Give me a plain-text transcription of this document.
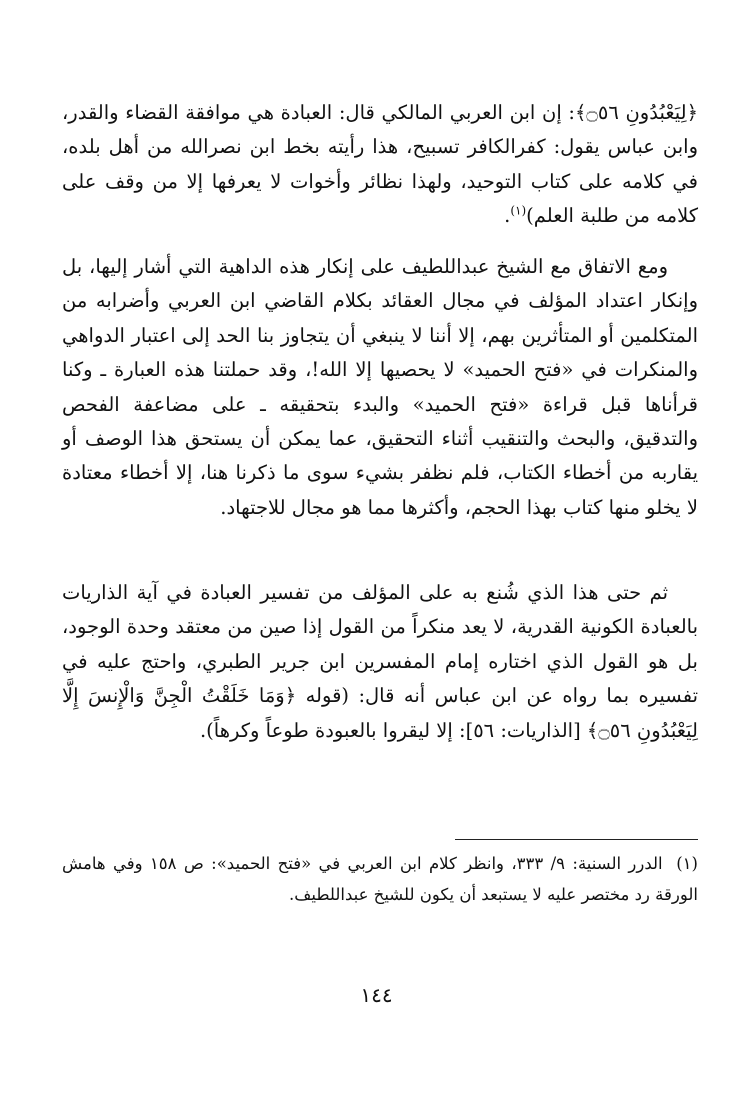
﴿لِيَعْبُدُونِ ۝٥٦﴾: إن ابن العربي المالكي قال: العبادة هي موافقة القضاء والقدر، وابن عباس يقول: كفرالكافر تسبيح، هذا رأيته بخط ابن نصرالله من أهل بلده، في كلامه على كتاب التوحيد، ولهذا نظائر وأخوات لا يعرفها إلا من وقف على كلامه من طلبة العلم)$^{(١)}$.

ومع الاتفاق مع الشيخ عبداللطيف على إنكار هذه الداهية التي أشار إليها، بل وإنكار اعتداد المؤلف في مجال العقائد بكلام القاضي ابن العربي وأضرابه من المتكلمين أو المتأثرين بهم، إلا أننا لا ينبغي أن يتجاوز بنا الحد إلى اعتبار الدواهي والمنكرات في «فتح الحميد» لا يحصيها إلا الله!، وقد حملتنا هذه العبارة ـ وكنا قرأناها قبل قراءة «فتح الحميد» والبدء بتحقيقه ـ على مضاعفة الفحص والتدقيق، والبحث والتنقيب أثناء التحقيق، عما يمكن أن يستحق هذا الوصف أو يقاربه من أخطاء الكتاب، فلم نظفر بشيء سوى ما ذكرنا هنا، إلا أخطاء معتادة لا يخلو منها كتاب بهذا الحجم، وأكثرها مما هو مجال للاجتهاد.

ثم حتى هذا الذي شُنع به على المؤلف من تفسير العبادة في آية الذاريات بالعبادة الكونية القدرية، لا يعد منكراً من القول إذا صين من معتقد وحدة الوجود، بل هو القول الذي اختاره إمام المفسرين ابن جرير الطبري، واحتج عليه في تفسيره بما رواه عن ابن عباس أنه قال: (قوله ﴿وَمَا خَلَقْتُ الْجِنَّ وَالْإِنسَ إِلَّا لِيَعْبُدُونِ ۝٥٦﴾ [الذاريات: ٥٦]: إلا ليقروا بالعبودة طوعاً وكرهاً).

(١) الدرر السنية: ٩/ ٣٣٣، وانظر كلام ابن العربي في «فتح الحميد»: ص ١٥٨ وفي هامش الورقة رد مختصر عليه لا يستبعد أن يكون للشيخ عبداللطيف.
١٤٤
